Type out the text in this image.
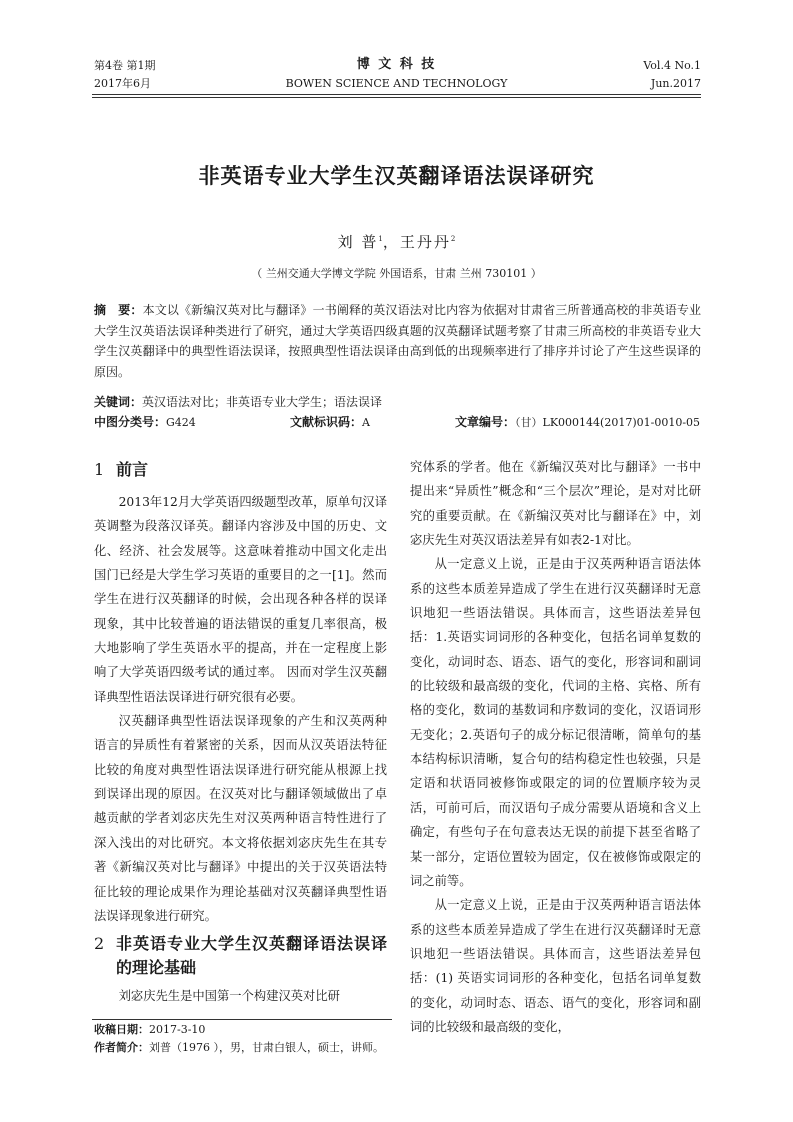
第4卷 第1期
2017年6月
博 文 科 技
BOWEN SCIENCE AND TECHNOLOGY
Vol.4 No.1
Jun.2017
非英语专业大学生汉英翻译语法误译研究
刘 普$^1$，王丹丹$^2$
（ 兰州交通大学博文学院 外国语系，甘肃 兰州 730101 ）
摘　要：本文以《新编汉英对比与翻译》一书阐释的英汉语法对比内容为依据对甘肃省三所普通高校的非英语专业大学生汉英语法误译种类进行了研究，通过大学英语四级真题的汉英翻译试题考察了甘肃三所高校的非英语专业大学生汉英翻译中的典型性语法误译，按照典型性语法误译由高到低的出现频率进行了排序并讨论了产生这些误译的原因。
关键词：英汉语法对比；非英语专业大学生；语法误译
中图分类号：G424	文献标识码：A	文章编号：（甘）LK000144(2017)01-0010-05
1 前言

2013年12月大学英语四级题型改革，原单句汉译英调整为段落汉译英。翻译内容涉及中国的历史、文化、经济、社会发展等。这意味着推动中国文化走出国门已经是大学生学习英语的重要目的之一[1]。然而学生在进行汉英翻译的时候，会出现各种各样的误译现象，其中比较普遍的语法错误的重复几率很高，极大地影响了学生英语水平的提高，并在一定程度上影响了大学英语四级考试的通过率。 因而对学生汉英翻译典型性语法误译进行研究很有必要。

汉英翻译典型性语法误译现象的产生和汉英两种语言的异质性有着紧密的关系，因而从汉英语法特征比较的角度对典型性语法误译进行研究能从根源上找到误译出现的原因。在汉英对比与翻译领域做出了卓越贡献的学者刘宓庆先生对汉英两种语言特性进行了深入浅出的对比研究。本文将依据刘宓庆先生在其专著《新编汉英对比与翻译》中提出的关于汉英语法特征比较的理论成果作为理论基础对汉英翻译典型性语法误译现象进行研究。

2 非英语专业大学生汉英翻译语法误译的理论基础

刘宓庆先生是中国第一个构建汉英对比研

究体系的学者。他在《新编汉英对比与翻译》一书中提出来“异质性”概念和“三个层次”理论，是对对比研究的重要贡献。在《新编汉英对比与翻译在》中，刘宓庆先生对英汉语法差异有如表2-1对比。

从一定意义上说，正是由于汉英两种语言语法体系的这些本质差异造成了学生在进行汉英翻译时无意识地犯一些语法错误。具体而言，这些语法差异包括：1.英语实词词形的各种变化，包括名词单复数的变化，动词时态、语态、语气的变化，形容词和副词的比较级和最高级的变化，代词的主格、宾格、所有格的变化，数词的基数词和序数词的变化，汉语词形无变化；2.英语句子的成分标记很清晰，简单句的基本结构标识清晰，复合句的结构稳定性也较强，只是定语和状语同被修饰或限定的词的位置顺序较为灵活，可前可后，而汉语句子成分需要从语境和含义上确定，有些句子在句意表达无误的前提下甚至省略了某一部分，定语位置较为固定，仅在被修饰或限定的词之前等。

从一定意义上说，正是由于汉英两种语言语法体系的这些本质差异造成了学生在进行汉英翻译时无意识地犯一些语法错误。具体而言，这些语法差异包括：(1) 英语实词词形的各种变化，包括名词单复数的变化，动词时态、语态、语气的变化，形容词和副词的比较级和最高级的变化，

收稿日期：2017-3-10
作者简介：刘普（1976 ），男，甘肃白银人，硕士，讲师。
